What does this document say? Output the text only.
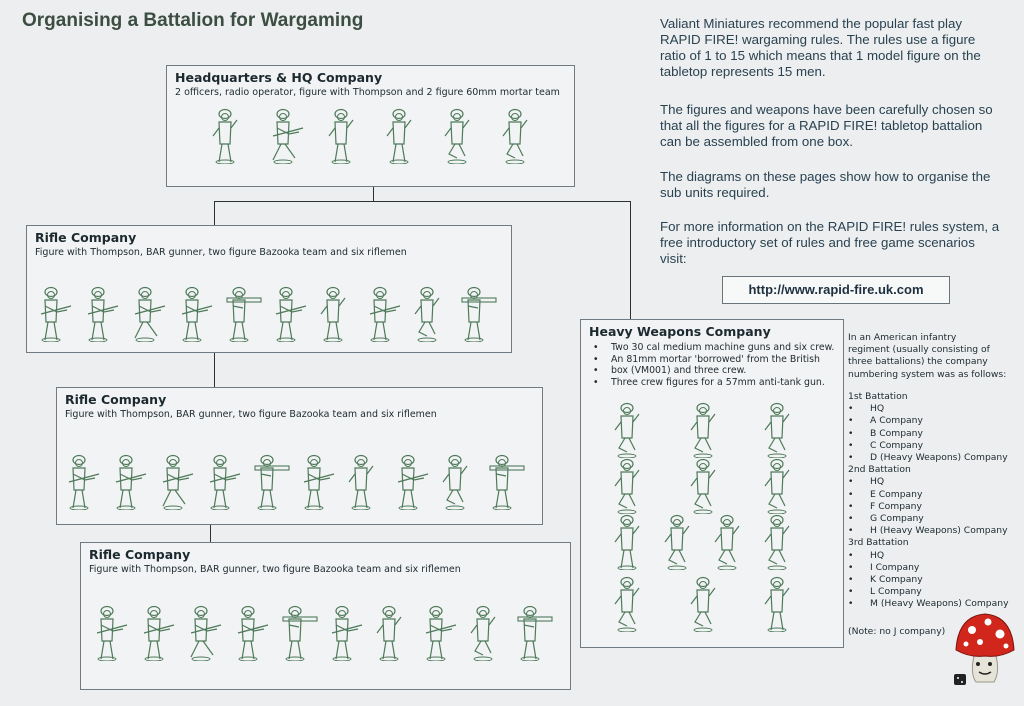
Organising a Battalion for Wargaming
Headquarters & HQ Company
2 officers, radio operator, figure with Thompson and 2 figure 60mm mortar team
Rifle Company
Figure with Thompson, BAR gunner, two figure Bazooka team and six riflemen
Rifle Company
Figure with Thompson, BAR gunner, two figure Bazooka team and six riflemen
Rifle Company
Figure with Thompson, BAR gunner, two figure Bazooka team and six riflemen
Heavy Weapons Company
• Two 30 cal medium machine guns and six crew.
• An 81mm mortar 'borrowed' from the British
• box (VM001) and three crew.
• Three crew figures for a 57mm anti-tank gun.

Valiant Miniatures recommend the popular fast play RAPID FIRE! wargaming rules. The rules use a figure ratio of 1 to 15 which means that 1 model figure on the tabletop represents 15 men.

The figures and weapons have been carefully chosen so that all the figures for a RAPID FIRE! tabletop battalion can be assembled from one box.

The diagrams on these pages show how to organise the sub units required.

For more information on the RAPID FIRE! rules system, a free introductory set of rules and free game scenarios visit:

http://www.rapid-fire.uk.com
In an American infantry
regiment (usually consisting of
three battalions) the company
numbering system was as follows:
1st Battation
• HQ
• A Company
• B Company
• C Company
• D (Heavy Weapons) Company
2nd Battation
• HQ
• E Company
• F Company
• G Company
• H (Heavy Weapons) Company
3rd Battation
• HQ
• I Company
• K Company
• L Company
• M (Heavy Weapons) Company
(Note: no J company)
